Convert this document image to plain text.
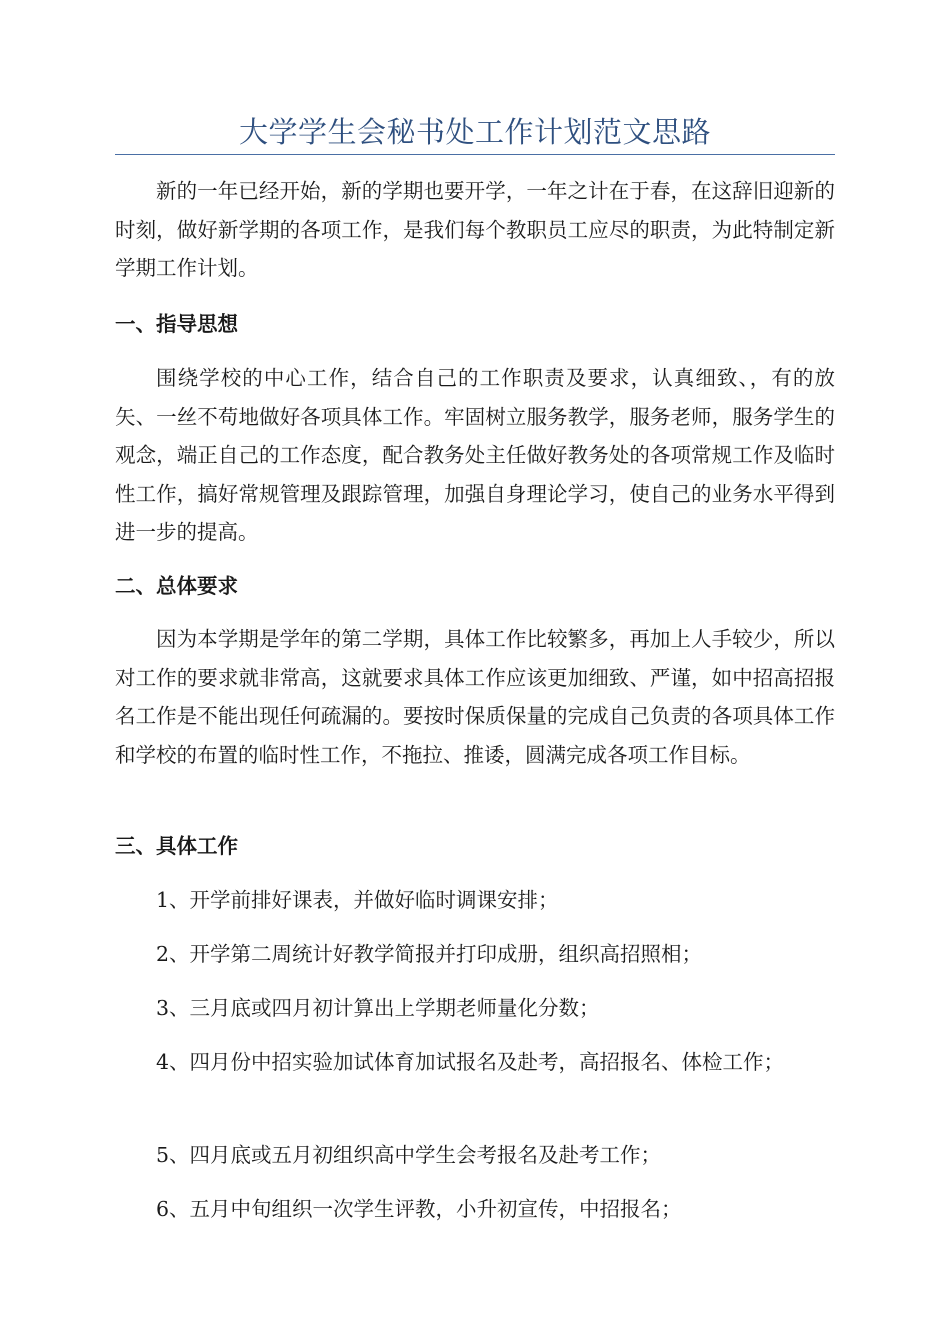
大学学生会秘书处工作计划范文思路

新的一年已经开始，新的学期也要开学，一年之计在于春，在这辞旧迎新的时刻，做好新学期的各项工作，是我们每个教职员工应尽的职责，为此特制定新学期工作计划。

一、指导思想

围绕学校的中心工作，结合自己的工作职责及要求，认真细致、，有的放矢、一丝不苟地做好各项具体工作。牢固树立服务教学，服务老师，服务学生的观念，端正自己的工作态度，配合教务处主任做好教务处的各项常规工作及临时性工作，搞好常规管理及跟踪管理，加强自身理论学习，使自己的业务水平得到进一步的提高。

二、总体要求

因为本学期是学年的第二学期，具体工作比较繁多，再加上人手较少，所以对工作的要求就非常高，这就要求具体工作应该更加细致、严谨，如中招高招报名工作是不能出现任何疏漏的。要按时保质保量的完成自己负责的各项具体工作和学校的布置的临时性工作，不拖拉、推诿，圆满完成各项工作目标。

三、具体工作

1、开学前排好课表，并做好临时调课安排；

2、开学第二周统计好教学简报并打印成册，组织高招照相；

3、三月底或四月初计算出上学期老师量化分数；

4、四月份中招实验加试体育加试报名及赴考，高招报名、体检工作；

5、四月底或五月初组织高中学生会考报名及赴考工作；

6、五月中旬组织一次学生评教，小升初宣传，中招报名；
